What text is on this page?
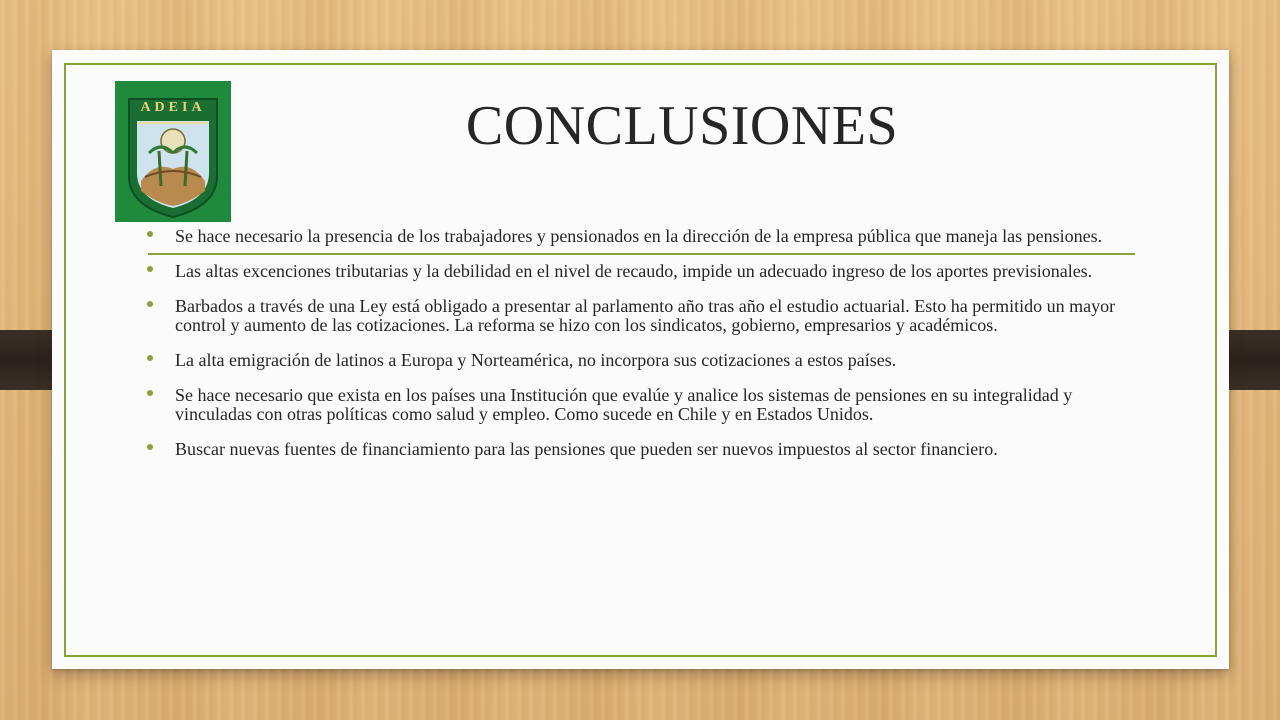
ADEIA	CONCLUSIONES
Se hace necesario la presencia de los trabajadores y pensionados en la dirección de la empresa pública que maneja las pensiones.
Las altas excenciones tributarias y la debilidad en el nivel de recaudo, impide un adecuado ingreso de los aportes previsionales.
Barbados a través de una Ley está obligado a presentar al parlamento año tras año el estudio actuarial. Esto ha permitido un mayor control y aumento de las cotizaciones. La reforma se hizo con los sindicatos, gobierno, empresarios y académicos.
La alta emigración de latinos a Europa y Norteamérica, no incorpora sus cotizaciones a estos países.
Se hace necesario que exista en los países una Institución que evalúe y analice los sistemas de pensiones en su integralidad y vinculadas con otras políticas como salud y empleo. Como sucede en Chile y en Estados Unidos.
Buscar nuevas fuentes de financiamiento para las pensiones que pueden ser nuevos impuestos al sector financiero.
